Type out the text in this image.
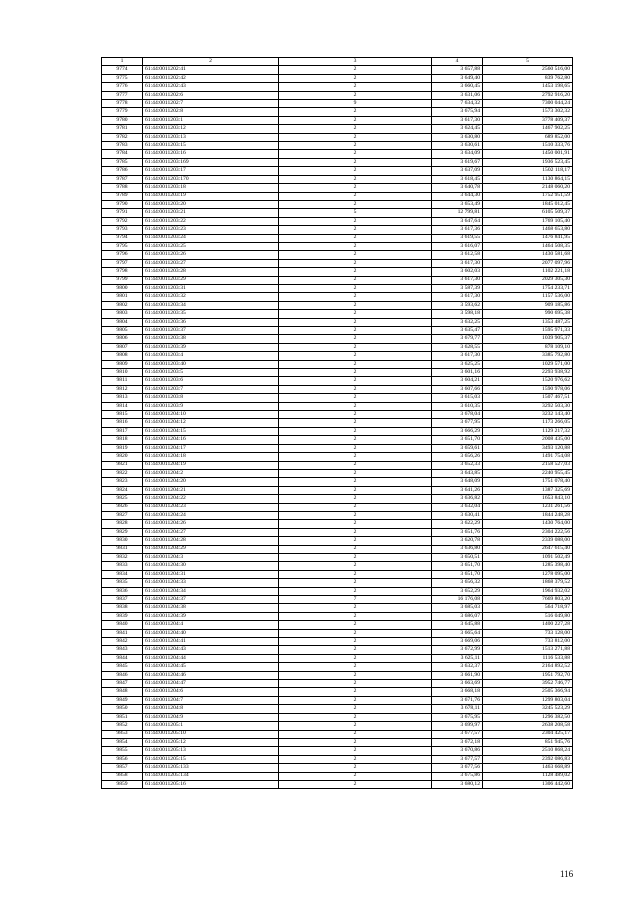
1	2	3	4	5
9774	61:44:0011202:41	2	3 657,88	2560 516,00
9775	61:44:0011202:42	2	3 649,40	839 762,80
9776	61:44:0011202:43	2	3 660,45	1453 198,65
9777	61:44:0011202:6	2	3 631,06	2792 916,20
9778	61:44:0011202:7	9	7 634,32	7300 044,24
9779	61:44:0011202:8	2	3 675,94	1573 302,32
9780	61:44:0011203:1	2	3 617,30	3778 409,37
9781	61:44:0011203:12	2	3 624,45	1467 902,25
9782	61:44:0011203:13	2	3 630,80	689 852,00
9783	61:44:0011203:15	2	3 630,61	1510 333,76
9784	61:44:0011203:16	2	3 634,09	1450 001,91
9785	61:44:0011203:169	2	3 619,67	1936 523,45
9786	61:44:0011203:17	2	3 637,09	1502 118,17
9787	61:44:0011203:170	2	3 618,45	1130 864,15
9788	61:44:0011203:18	2	3 640,78	2148 060,20
9789	61:44:0011203:19	2	3 644,30	1752 951,59
9790	61:44:0011203:20	2	3 653,49	1845 012,45
9791	61:44:0011203:21	5	12 799,81	6105 509,37
9792	61:44:0011203:22	2	3 647,64	1769 105,40
9793	61:44:0011203:23	2	3 617,36	1468 653,80
9794	61:44:0011203:24	2	3 619,55	1476 841,95
9795	61:44:0011203:25	2	3 616,07	1464 508,35
9796	61:44:0011203:26	2	3 612,58	1430 581,68
9797	61:44:0011203:27	2	3 617,30	2077 097,96
9798	61:44:0011203:28	2	3 602,03	1102 221,18
9799	61:44:0011203:29	2	3 617,30	2029 305,30
9800	61:44:0011203:31	2	3 587,39	1754 233,71
9801	61:44:0011203:32	2	3 617,30	1157 536,00
9802	61:44:0011203:34	2	3 593,62	909 185,86
9803	61:44:0011203:35	2	3 598,18	990 695,38
9804	61:44:0011203:36	2	3 632,25	1353 487,25
9805	61:44:0011203:37	2	3 635,47	1595 971,33
9806	61:44:0011203:38	2	3 679,77	1039 905,37
9807	61:44:0011203:39	2	3 628,55	878 109,10
9808	61:44:0011203:4	2	3 617,30	3385 792,80
9809	61:44:0011203:40	2	3 625,25	1029 571,00
9810	61:44:0011203:5	2	3 601,16	2293 938,92
9811	61:44:0011203:6	2	3 604,21	1520 976,62
9812	61:44:0011203:7	2	3 607,66	1590 978,06
9813	61:44:0011203:8	2	3 615,03	1507 467,51
9814	61:44:0011203:9	2	3 610,35	3292 503,30
9815	61:44:0011204:10	2	3 678,04	3232 143,40
9816	61:44:0011204:12	2	3 677,95	1173 266,05
9817	61:44:0011204:15	2	3 666,29	1129 217,32
9818	61:44:0011204:16	2	3 651,70	2008 435,00
9819	61:44:0011204:17	2	3 659,61	3493 120,88
9820	61:44:0011204:18	2	3 656,26	1491 754,08
9821	61:44:0011204:19	2	3 652,33	2158 527,03
9822	61:44:0011204:2	2	3 643,85	2240 955,45
9823	61:44:0011204:20	2	3 648,09	1751 078,40
9824	61:44:0011204:21	2	3 641,26	1387 325,69
9825	61:44:0011204:22	2	3 636,82	1653 843,10
9826	61:44:0011204:23	2	3 632,04	1231 261,56
9827	61:44:0011204:24	2	3 630,41	1844 248,28
9828	61:44:0011204:26	2	3 622,29	1430 764,00
9829	61:44:0011204:27	2	3 651,76	2304 222,56
9830	61:44:0011204:28	2	3 620,78	2339 088,00
9831	61:44:0011204:29	2	3 636,80	2647 615,40
9832	61:44:0011204:3	2	3 650,51	1091 502,49
9833	61:44:0011204:30	2	3 651,70	1285 398,40
9834	61:44:0011204:31	2	3 651,70	1278 095,00
9835	61:44:0011204:33	2	3 656,32	1868 379,52
9836	61:44:0011204:34	2	3 652,29	1964 932,02
9837	61:44:0011204:37	7	16 176,08	7669 803,20
9838	61:44:0011204:38	2	3 685,03	564 718,97
9839	61:44:0011204:39	2	3 686,07	516 049,80
9840	61:44:0011204:4	2	3 645,88	1400 227,28
9841	61:44:0011204:40	2	3 665,64	733 128,00
9842	61:44:0011204:41	2	3 669,06	733 812,00
9843	61:44:0011204:43	2	3 672,99	1513 271,88
9844	61:44:0011204:44	2	3 625,11	1116 533,88
9845	61:44:0011204:45	2	3 632,37	2164 892,52
9846	61:44:0011204:46	2	3 661,90	1951 792,70
9847	61:44:0011204:47	2	3 663,69	3952 746,77
9848	61:44:0011204:6	2	3 668,18	2505 366,94
9849	61:44:0011204:7	2	3 671,76	1299 803,04
9850	61:44:0011204:8	2	3 678,11	3245 523,29
9851	61:44:0011204:9	2	3 675,95	1296 382,50
9852	61:44:0011205:1	2	3 699,97	2638 208,58
9853	61:44:0011205:10	2	3 677,57	2304 425,17
9854	61:44:0011205:12	2	3 672,18	851 945,76
9855	61:44:0011205:13	2	3 670,86	2510 868,24
9856	61:44:0011205:15	2	3 677,57	2392 086,83
9857	61:44:0011205:133	2	3 677,56	1463 668,89
9858	61:44:0011205:134	2	3 675,86	1128 489,02
9859	61:44:0011205:16	2	3 680,12	1306 442,60
116
